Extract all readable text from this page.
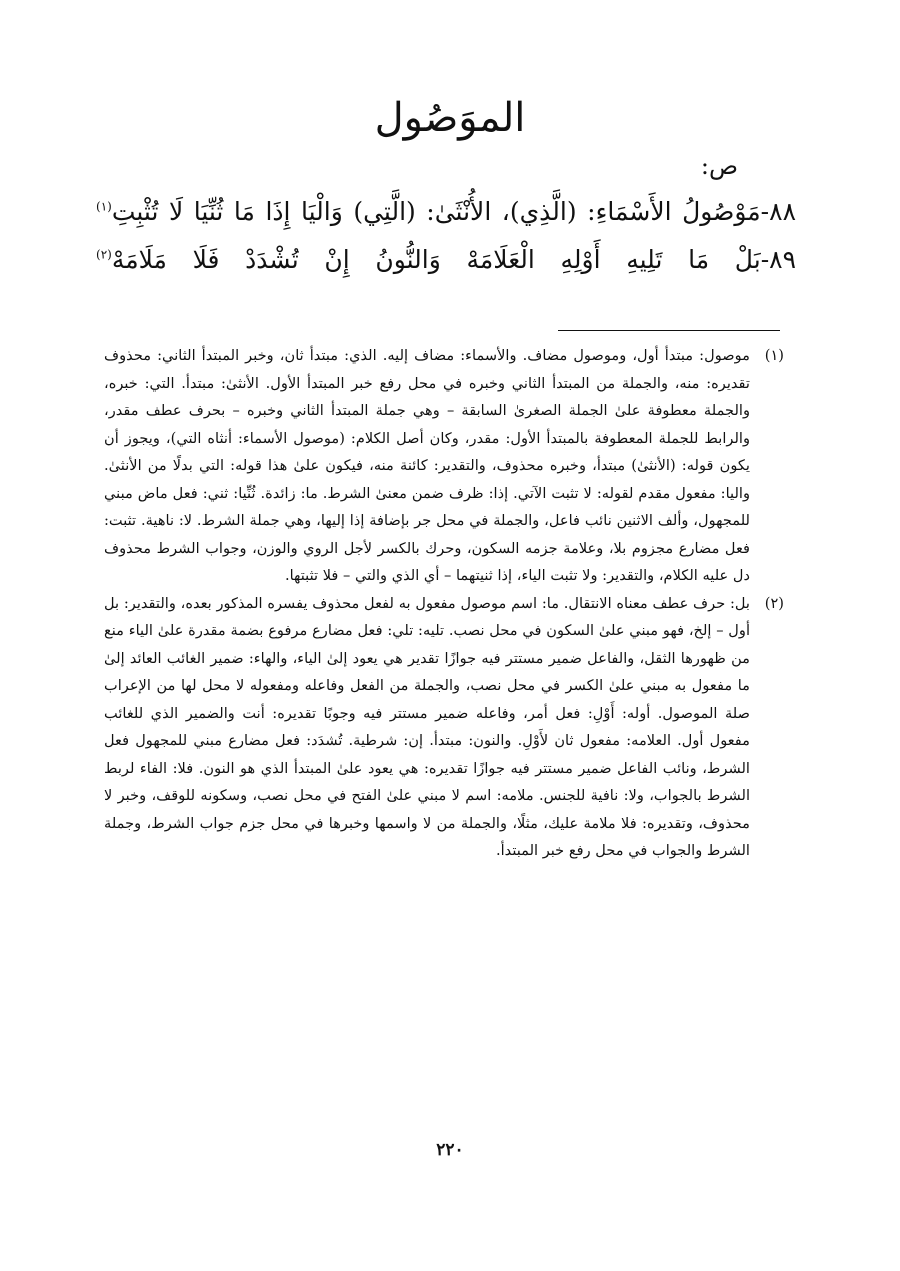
الموَصُول
ص:
٨٨-مَوْصُولُ الأَسْمَاءِ: (الَّذِي)، الأُنْثَىٰ: (الَّتِي) وَالْيَا إِذَا مَا ثُنِّيَا لَا تُثْبِتِ$^{(١)}$
٨٩-بَلْ مَا تَلِيهِ أَوْلِهِ الْعَلَامَهْ وَالنُّونُ إِنْ تُشْدَدْ فَلَا مَلَامَهْ$^{(٢)}$

(١)
موصول: مبتدأ أول، وموصول مضاف. والأسماء: مضاف إليه. الذي: مبتدأ ثان، وخبر المبتدأ الثاني: محذوف تقديره: منه، والجملة من المبتدأ الثاني وخبره في محل رفع خبر المبتدأ الأول. الأنثىٰ: مبتدأ. التي: خبره، والجملة معطوفة علىٰ الجملة الصغرىٰ السابقة – وهي جملة المبتدأ الثاني وخبره – بحرف عطف مقدر، والرابط للجملة المعطوفة بالمبتدأ الأول: مقدر، وكان أصل الكلام: (موصول الأسماء: أنثاه التي)، ويجوز أن يكون قوله: (الأنثىٰ) مبتدأ، وخبره محذوف، والتقدير: كائنة منه، فيكون علىٰ هذا قوله: التي بدلًا من الأنثىٰ. واليا: مفعول مقدم لقوله: لا تثبت الآتي. إذا: ظرف ضمن معنىٰ الشرط. ما: زائدة. ثُنِّيا: ثني: فعل ماض مبني للمجهول، وألف الاثنين نائب فاعل، والجملة في محل جر بإضافة إذا إليها، وهي جملة الشرط. لا: ناهية. تثبت: فعل مضارع مجزوم بلا، وعلامة جزمه السكون، وحرك بالكسر لأجل الروي والوزن، وجواب الشرط محذوف دل عليه الكلام، والتقدير: ولا تثبت الياء، إذا ثنيتهما – أي الذي والتي – فلا تثبتها.

(٢)
بل: حرف عطف معناه الانتقال. ما: اسم موصول مفعول به لفعل محذوف يفسره المذكور بعده، والتقدير: بل أول – إلخ، فهو مبني علىٰ السكون في محل نصب. تليه: تلي: فعل مضارع مرفوع بضمة مقدرة علىٰ الياء منع من ظهورها الثقل، والفاعل ضمير مستتر فيه جوازًا تقدير هي يعود إلىٰ الياء، والهاء: ضمير الغائب العائد إلىٰ ما مفعول به مبني علىٰ الكسر في محل نصب، والجملة من الفعل وفاعله ومفعوله لا محل لها من الإعراب صلة الموصول. أوله: أَوْلِ: فعل أمر، وفاعله ضمير مستتر فيه وجوبًا تقديره: أنت والضمير الذي للغائب مفعول أول. العلامه: مفعول ثان لأَوْلِ. والنون: مبتدأ. إن: شرطية. تُشدَد: فعل مضارع مبني للمجهول فعل الشرط، ونائب الفاعل ضمير مستتر فيه جوازًا تقديره: هي يعود علىٰ المبتدأ الذي هو النون. فلا: الفاء لربط الشرط بالجواب، ولا: نافية للجنس. ملامه: اسم لا مبني علىٰ الفتح في محل نصب، وسكونه للوقف، وخبر لا محذوف، وتقديره: فلا ملامة عليك، مثلًا، والجملة من لا واسمها وخبرها في محل جزم جواب الشرط، وجملة الشرط والجواب في محل رفع خبر المبتدأ.

٢٢٠
